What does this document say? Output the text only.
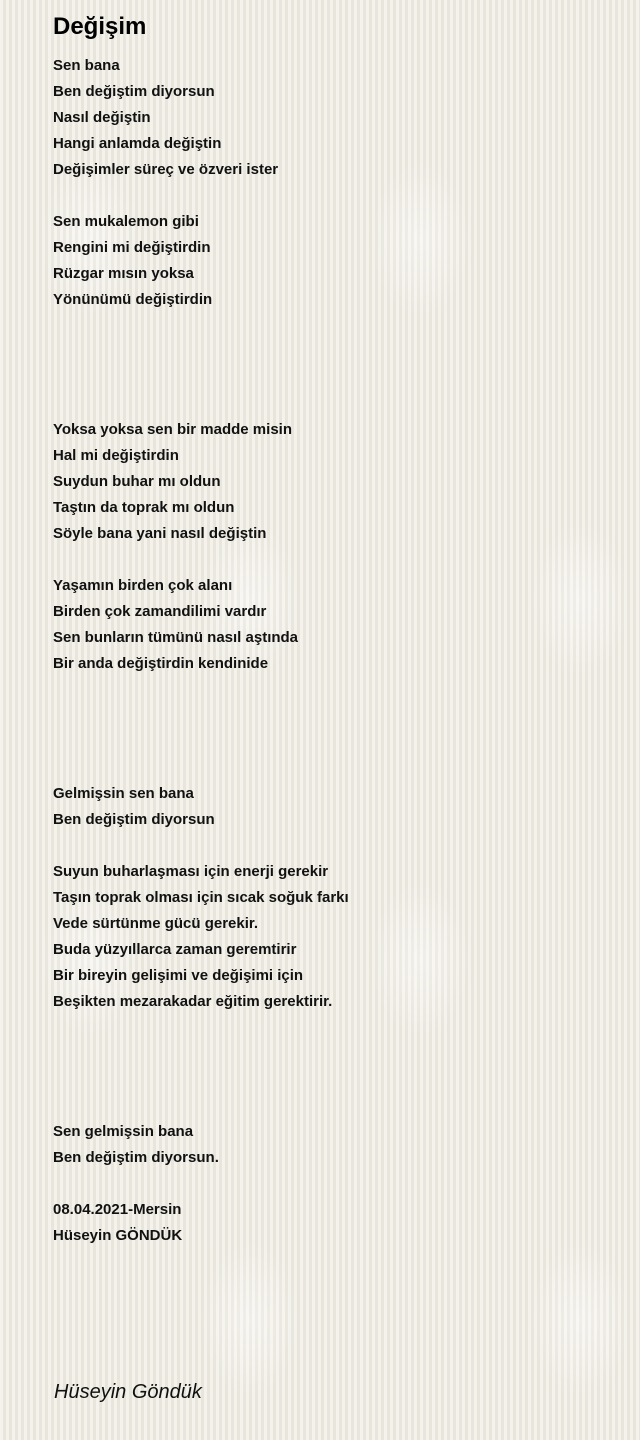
Değişim
Sen bana
Ben değiştim diyorsun
Nasıl değiştin
Hangi anlamda değiştin
Değişimler süreç ve özveri ister
Sen mukalemon gibi
Rengini mi değiştirdin
Rüzgar mısın yoksa
Yönünümü değiştirdin
Yoksa yoksa sen bir madde misin
Hal mi değiştirdin
Suydun buhar mı oldun
Taştın da toprak mı oldun
Söyle bana yani nasıl değiştin
Yaşamın birden çok alanı
Birden çok zamandilimi vardır
Sen bunların tümünü nasıl aştında
Bir anda değiştirdin kendinide
Gelmişsin sen bana
Ben değiştim diyorsun
Suyun buharlaşması için enerji gerekir
Taşın toprak olması için sıcak soğuk farkı
Vede sürtünme gücü gerekir.
Buda yüzyıllarca zaman geremtirir
Bir bireyin gelişimi ve değişimi için
Beşikten mezarakadar eğitim gerektirir.
Sen gelmişsin bana
Ben değiştim diyorsun.
08.04.2021-Mersin
Hüseyin GÖNDÜK
Hüseyin Göndük
